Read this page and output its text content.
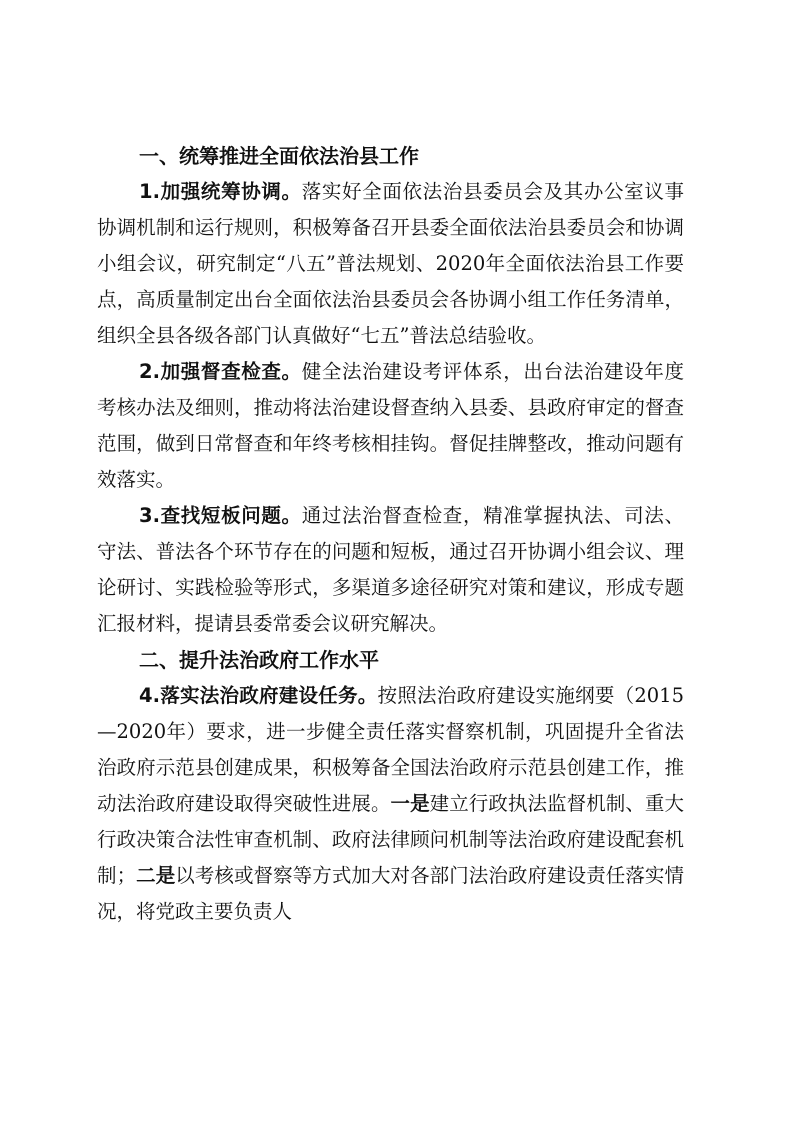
一、统筹推进全面依法治县工作

1.加强统筹协调。落实好全面依法治县委员会及其办公室议事协调机制和运行规则，积极筹备召开县委全面依法治县委员会和协调小组会议，研究制定“八五”普法规划、2020年全面依法治县工作要点，高质量制定出台全面依法治县委员会各协调小组工作任务清单，组织全县各级各部门认真做好“七五”普法总结验收。

2.加强督查检查。健全法治建设考评体系，出台法治建设年度考核办法及细则，推动将法治建设督查纳入县委、县政府审定的督查范围，做到日常督查和年终考核相挂钩。督促挂牌整改，推动问题有效落实。

3.查找短板问题。通过法治督查检查，精准掌握执法、司法、守法、普法各个环节存在的问题和短板，通过召开协调小组会议、理论研讨、实践检验等形式，多渠道多途径研究对策和建议，形成专题汇报材料，提请县委常委会议研究解决。

二、提升法治政府工作水平

4.落实法治政府建设任务。按照法治政府建设实施纲要（2015—2020年）要求，进一步健全责任落实督察机制，巩固提升全省法治政府示范县创建成果，积极筹备全国法治政府示范县创建工作，推动法治政府建设取得突破性进展。一是建立行政执法监督机制、重大行政决策合法性审查机制、政府法律顾问机制等法治政府建设配套机制；二是以考核或督察等方式加大对各部门法治政府建设责任落实情况，将党政主要负责人
